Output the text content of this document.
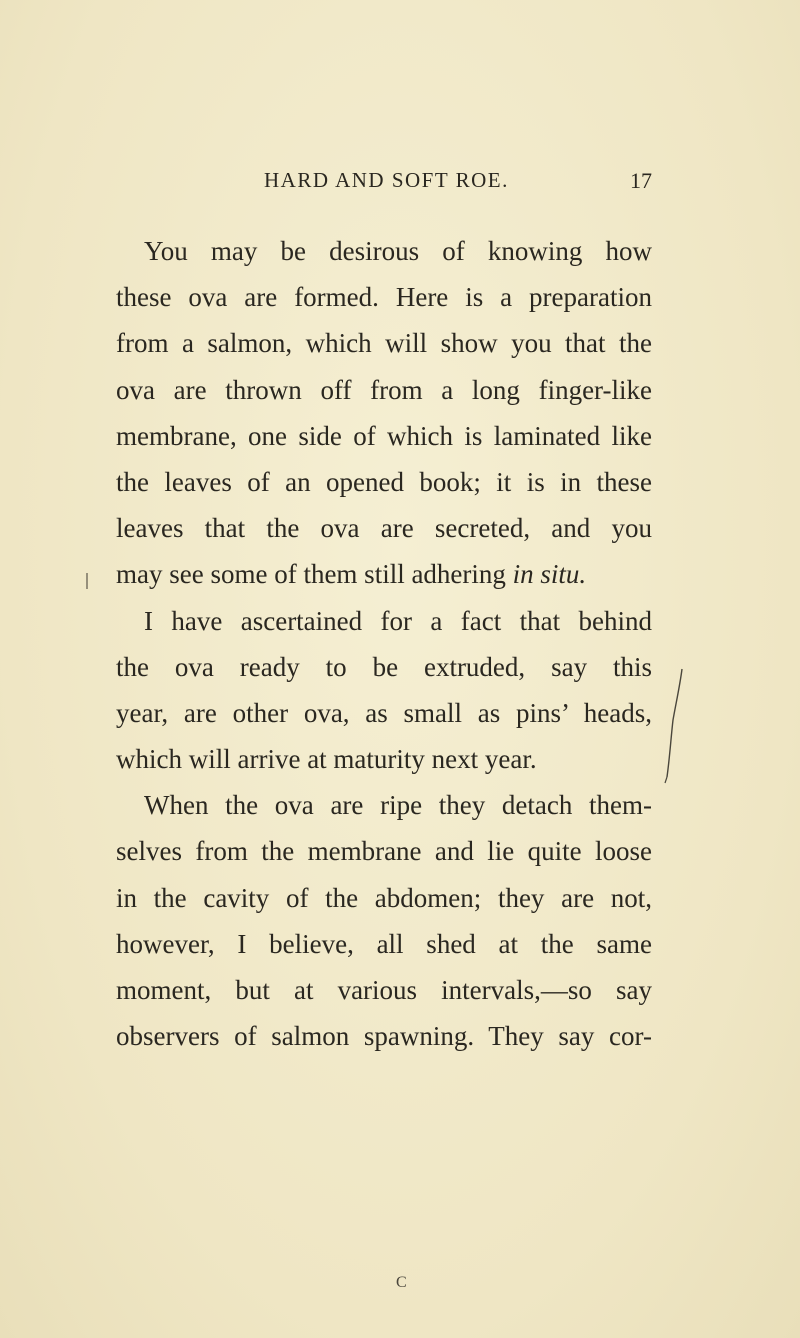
HARD AND SOFT ROE.	17
You may be desirous of knowing how
these ova are formed. Here is a preparation
from a salmon, which will show you that the
ova are thrown off from a long finger-like
membrane, one side of which is laminated like
the leaves of an opened book; it is in these
leaves that the ova are secreted, and you
may see some of them still adhering in situ.
I have ascertained for a fact that behind
the ova ready to be extruded, say this
year, are other ova, as small as pins’ heads,
which will arrive at maturity next year.
When the ova are ripe they detach them-
selves from the membrane and lie quite loose
in the cavity of the abdomen; they are not,
however, I believe, all shed at the same
moment, but at various intervals,—so say
observers of salmon spawning. They say cor-
C
